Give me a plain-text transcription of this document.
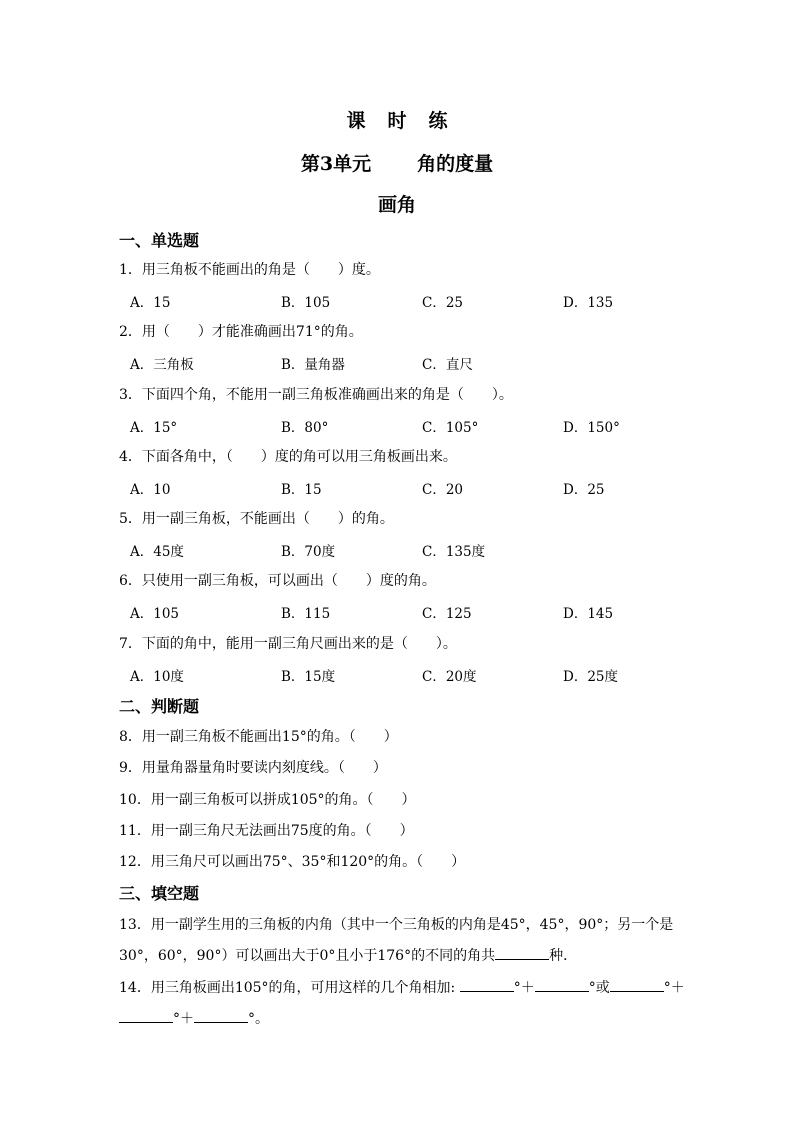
课 时 练
第3单元 角的度量
画角
一、单选题
1．用三角板不能画出的角是（　　）度。
A．15	B．105	C．25	D．135
2．用（　　）才能准确画出71°的角。
A．三角板	B．量角器	C．直尺
3．下面四个角，不能用一副三角板准确画出来的角是（　　）。
A．15°	B．80°	C．105°	D．150°
4．下面各角中，（　　）度的角可以用三角板画出来。
A．10	B．15	C．20	D．25
5．用一副三角板，不能画出（　　）的角。
A．45度	B．70度	C．135度
6．只使用一副三角板，可以画出（　　）度的角。
A．105	B．115	C．125	D．145
7．下面的角中，能用一副三角尺画出来的是（　　）。
A．10度	B．15度	C．20度	D．25度
二、判断题
8．用一副三角板不能画出15°的角。（　　）
9．用量角器量角时要读内刻度线。（　　）
10．用一副三角板可以拼成105°的角。（　　）
11．用一副三角尺无法画出75度的角。（　　）
12．用三角尺可以画出75°、35°和120°的角。（　　）
三、填空题
13．用一副学生用的三角板的内角（其中一个三角板的内角是45°，45°，90°；另一个是
30°，60°，90°）可以画出大于0°且小于176°的不同的角共	种．
14．用三角板画出105°的角，可用这样的几个角相加:	°＋	°或	°＋
°＋	°。
